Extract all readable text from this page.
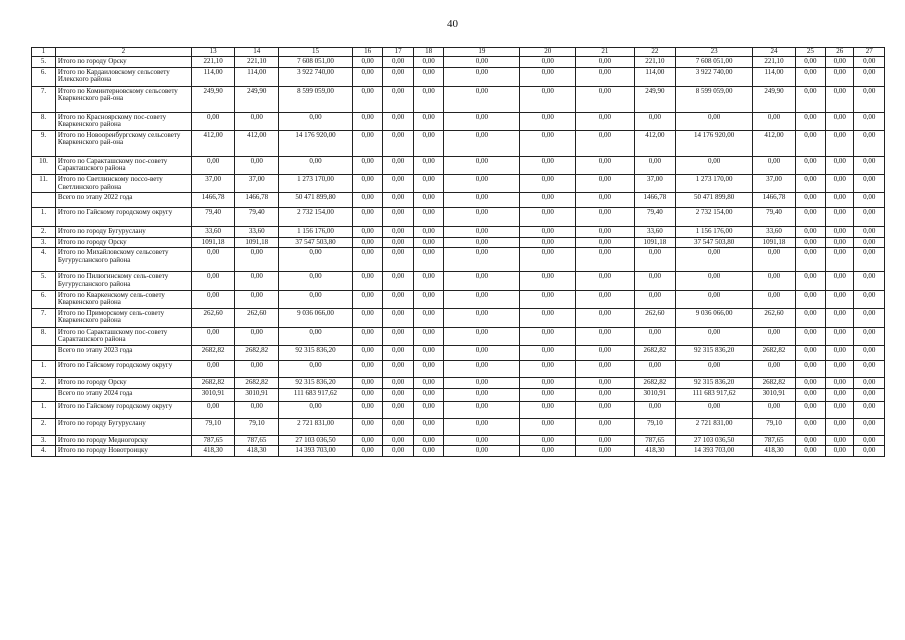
40
1	2	13	14	15	16	17	18	19	20	21	22	23	24	25	26	27
5.	Итого по городу Орску	221,10	221,10	7 608 051,00	0,00	0,00	0,00	0,00	0,00	0,00	221,10	7 608 051,00	221,10	0,00	0,00	0,00
6.	Итого по Кардаиловскому сельсовету Илекского района	114,00	114,00	3 922 740,00	0,00	0,00	0,00	0,00	0,00	0,00	114,00	3 922 740,00	114,00	0,00	0,00	0,00
7.	Итого по Коминтерновскому сельсовету Кваркенского рай-она	249,90	249,90	8 599 059,00	0,00	0,00	0,00	0,00	0,00	0,00	249,90	8 599 059,00	249,90	0,00	0,00	0,00
8.	Итого по Красноярскому пос-совету Кваркенского района	0,00	0,00	0,00	0,00	0,00	0,00	0,00	0,00	0,00	0,00	0,00	0,00	0,00	0,00	0,00
9.	Итого по Новооренбургскому сельсовету Кваркенского рай-она	412,00	412,00	14 176 920,00	0,00	0,00	0,00	0,00	0,00	0,00	412,00	14 176 920,00	412,00	0,00	0,00	0,00
10.	Итого по Саракташскому пос-совету Саракташского района	0,00	0,00	0,00	0,00	0,00	0,00	0,00	0,00	0,00	0,00	0,00	0,00	0,00	0,00	0,00
11.	Итого по Светлинскому поссо-вету Светлинского района	37,00	37,00	1 273 170,00	0,00	0,00	0,00	0,00	0,00	0,00	37,00	1 273 170,00	37,00	0,00	0,00	0,00
	Всего по этапу 2022 года	1466,78	1466,78	50 471 899,80	0,00	0,00	0,00	0,00	0,00	0,00	1466,78	50 471 899,80	1466,78	0,00	0,00	0,00
1.	Итого по Гайскому городскому округу	79,40	79,40	2 732 154,00	0,00	0,00	0,00	0,00	0,00	0,00	79,40	2 732 154,00	79,40	0,00	0,00	0,00
2.	Итого по городу Бугуруслану	33,60	33,60	1 156 176,00	0,00	0,00	0,00	0,00	0,00	0,00	33,60	1 156 176,00	33,60	0,00	0,00	0,00
3.	Итого по городу Орску	1091,18	1091,18	37 547 503,80	0,00	0,00	0,00	0,00	0,00	0,00	1091,18	37 547 503,80	1091,18	0,00	0,00	0,00
4.	Итого по Михайловскому сельсовету Бугурусланского района	0,00	0,00	0,00	0,00	0,00	0,00	0,00	0,00	0,00	0,00	0,00	0,00	0,00	0,00	0,00
5.	Итого по Пилюгинскому сель-совету Бугурусланского района	0,00	0,00	0,00	0,00	0,00	0,00	0,00	0,00	0,00	0,00	0,00	0,00	0,00	0,00	0,00
6.	Итого по Кваркенскому сель-совету Кваркенского района	0,00	0,00	0,00	0,00	0,00	0,00	0,00	0,00	0,00	0,00	0,00	0,00	0,00	0,00	0,00
7.	Итого по Приморскому сель-совету Кваркенского района	262,60	262,60	9 036 066,00	0,00	0,00	0,00	0,00	0,00	0,00	262,60	9 036 066,00	262,60	0,00	0,00	0,00
8.	Итого по Саракташскому пос-совету Саракташского района	0,00	0,00	0,00	0,00	0,00	0,00	0,00	0,00	0,00	0,00	0,00	0,00	0,00	0,00	0,00
	Всего по этапу 2023 года	2682,82	2682,82	92 315 836,20	0,00	0,00	0,00	0,00	0,00	0,00	2682,82	92 315 836,20	2682,82	0,00	0,00	0,00
1.	Итого по Гайскому городскому округу	0,00	0,00	0,00	0,00	0,00	0,00	0,00	0,00	0,00	0,00	0,00	0,00	0,00	0,00	0,00
2.	Итого по городу Орску	2682,82	2682,82	92 315 836,20	0,00	0,00	0,00	0,00	0,00	0,00	2682,82	92 315 836,20	2682,82	0,00	0,00	0,00
	Всего по этапу 2024 года	3010,91	3010,91	111 683 917,62	0,00	0,00	0,00	0,00	0,00	0,00	3010,91	111 683 917,62	3010,91	0,00	0,00	0,00
1.	Итого по Гайскому городскому округу	0,00	0,00	0,00	0,00	0,00	0,00	0,00	0,00	0,00	0,00	0,00	0,00	0,00	0,00	0,00
2.	Итого по городу Бугуруслану	79,10	79,10	2 721 831,00	0,00	0,00	0,00	0,00	0,00	0,00	79,10	2 721 831,00	79,10	0,00	0,00	0,00
3.	Итого по городу Медногорску	787,65	787,65	27 103 036,50	0,00	0,00	0,00	0,00	0,00	0,00	787,65	27 103 036,50	787,65	0,00	0,00	0,00
4.	Итого по городу Новотроицку	418,30	418,30	14 393 703,00	0,00	0,00	0,00	0,00	0,00	0,00	418,30	14 393 703,00	418,30	0,00	0,00	0,00
